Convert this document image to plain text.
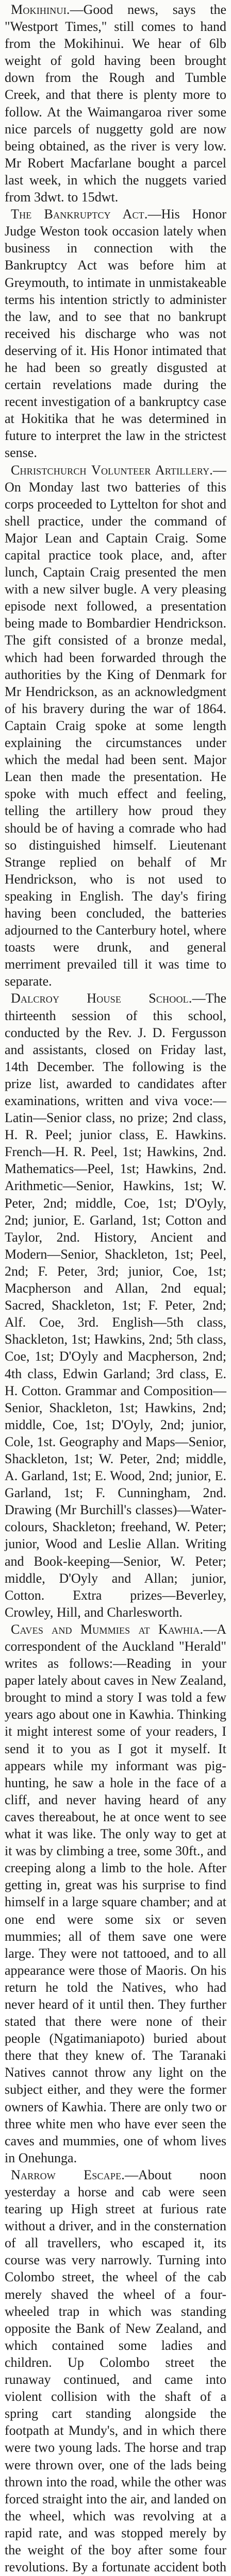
Mokihinui.—Good news, says the "Westport Times," still comes to hand from the Mokihinui. We hear of 6lb weight of gold having been brought down from the Rough and Tumble Creek, and that there is plenty more to follow. At the Waimangaroa river some nice parcels of nuggetty gold are now being obtained, as the river is very low. Mr Robert Macfarlane bought a parcel last week, in which the nuggets varied from 3dwt. to 15dwt.

The Bankruptcy Act.—His Honor Judge Weston took occasion lately when business in connection with the Bankruptcy Act was before him at Greymouth, to intimate in unmistakeable terms his intention strictly to administer the law, and to see that no bankrupt received his discharge who was not deserving of it. His Honor intimated that he had been so greatly disgusted at certain revelations made during the recent investigation of a bankruptcy case at Hokitika that he was determined in future to interpret the law in the strictest sense.

Christchurch Volunteer Artillery.—On Monday last two batteries of this corps proceeded to Lyttelton for shot and shell practice, under the command of Major Lean and Captain Craig. Some capital practice took place, and, after lunch, Captain Craig presented the men with a new silver bugle. A very pleasing episode next followed, a presentation being made to Bombardier Hendrickson. The gift consisted of a bronze medal, which had been forwarded through the authorities by the King of Denmark for Mr Hendrickson, as an acknowledgment of his bravery during the war of 1864. Captain Craig spoke at some length explaining the circumstances under which the medal had been sent. Major Lean then made the presentation. He spoke with much effect and feeling, telling the artillery how proud they should be of having a comrade who had so distinguished himself. Lieutenant Strange replied on behalf of Mr Hendrickson, who is not used to speaking in English. The day's firing having been concluded, the batteries adjourned to the Canterbury hotel, where toasts were drunk, and general merriment prevailed till it was time to separate.

Dalcroy House School.—The thirteenth session of this school, conducted by the Rev. J. D. Fergusson and assistants, closed on Friday last, 14th December. The following is the prize list, awarded to candidates after examinations, written and viva voce:—Latin—Senior class, no prize; 2nd class, H. R. Peel; junior class, E. Hawkins. French—H. R. Peel, 1st; Hawkins, 2nd. Mathematics—Peel, 1st; Hawkins, 2nd. Arithmetic—Senior, Hawkins, 1st; W. Peter, 2nd; middle, Coe, 1st; D'Oyly, 2nd; junior, E. Garland, 1st; Cotton and Taylor, 2nd. History, Ancient and Modern—Senior, Shackleton, 1st; Peel, 2nd; F. Peter, 3rd; junior, Coe, 1st; Macpherson and Allan, 2nd equal; Sacred, Shackleton, 1st; F. Peter, 2nd; Alf. Coe, 3rd. English—5th class, Shackleton, 1st; Hawkins, 2nd; 5th class, Coe, 1st; D'Oyly and Macpherson, 2nd; 4th class, Edwin Garland; 3rd class, E. H. Cotton. Grammar and Composition—Senior, Shackleton, 1st; Hawkins, 2nd; middle, Coe, 1st; D'Oyly, 2nd; junior, Cole, 1st. Geography and Maps—Senior, Shackleton, 1st; W. Peter, 2nd; middle, A. Garland, 1st; E. Wood, 2nd; junior, E. Garland, 1st; F. Cunningham, 2nd. Drawing (Mr Burchill's classes)—Water-colours, Shackleton; freehand, W. Peter; junior, Wood and Leslie Allan. Writing and Book-keeping—Senior, W. Peter; middle, D'Oyly and Allan; junior, Cotton. Extra prizes—Beverley, Crowley, Hill, and Charlesworth.

Caves and Mummies at Kawhia.—A correspondent of the Auckland "Herald" writes as follows:—Reading in your paper lately about caves in New Zealand, brought to mind a story I was told a few years ago about one in Kawhia. Thinking it might interest some of your readers, I send it to you as I got it myself. It appears while my informant was pig-hunting, he saw a hole in the face of a cliff, and never having heard of any caves thereabout, he at once went to see what it was like. The only way to get at it was by climbing a tree, some 30ft., and creeping along a limb to the hole. After getting in, great was his surprise to find himself in a large square chamber; and at one end were some six or seven mummies; all of them save one were large. They were not tattooed, and to all appearance were those of Maoris. On his return he told the Natives, who had never heard of it until then. They further stated that there were none of their people (Ngatimaniapoto) buried about there that they knew of. The Taranaki Natives cannot throw any light on the subject either, and they were the former owners of Kawhia. There are only two or three white men who have ever seen the caves and mummies, one of whom lives in Onehunga.

Narrow Escape.—About noon yesterday a horse and cab were seen tearing up High street at furious rate without a driver, and in the consternation of all travellers, who escaped it, its course was very narrowly. Turning into Colombo street, the wheel of the cab merely shaved the wheel of a four-wheeled trap in which was standing opposite the Bank of New Zealand, and which contained some ladies and children. Up Colombo street the runaway continued, and came into violent collision with the shaft of a spring cart standing alongside the footpath at Mundy's, and in which there were two young lads. The horse and trap were thrown over, one of the lads being thrown into the road, while the other was forced straight into the air, and landed on the wheel, which was revolving at a rapid rate, and was stopped merely by the weight of the boy after some four revolutions. By a fortunate accident both
